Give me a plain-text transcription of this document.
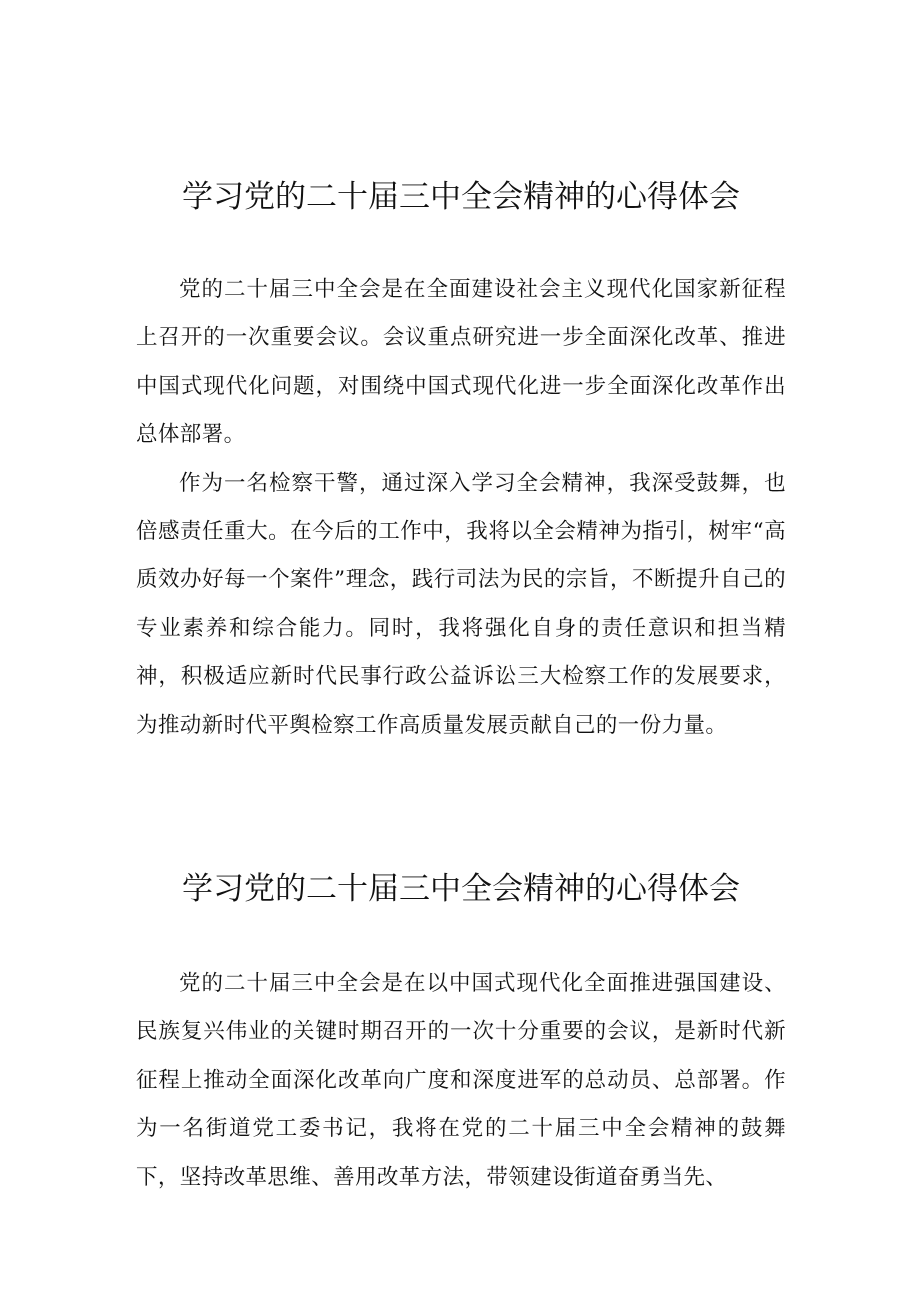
学习党的二十届三中全会精神的心得体会

党的二十届三中全会是在全面建设社会主义现代化国家新征程上召开的一次重要会议。会议重点研究进一步全面深化改革、推进中国式现代化问题，对围绕中国式现代化进一步全面深化改革作出总体部署。

作为一名检察干警，通过深入学习全会精神，我深受鼓舞，也倍感责任重大。在今后的工作中，我将以全会精神为指引，树牢“高质效办好每一个案件”理念，践行司法为民的宗旨，不断提升自己的专业素养和综合能力。同时，我将强化自身的责任意识和担当精神，积极适应新时代民事行政公益诉讼三大检察工作的发展要求，为推动新时代平舆检察工作高质量发展贡献自己的一份力量。

学习党的二十届三中全会精神的心得体会

党的二十届三中全会是在以中国式现代化全面推进强国建设、民族复兴伟业的关键时期召开的一次十分重要的会议，是新时代新征程上推动全面深化改革向广度和深度进军的总动员、总部署。作为一名街道党工委书记，我将在党的二十届三中全会精神的鼓舞下，坚持改革思维、善用改革方法，带领建设街道奋勇当先、
